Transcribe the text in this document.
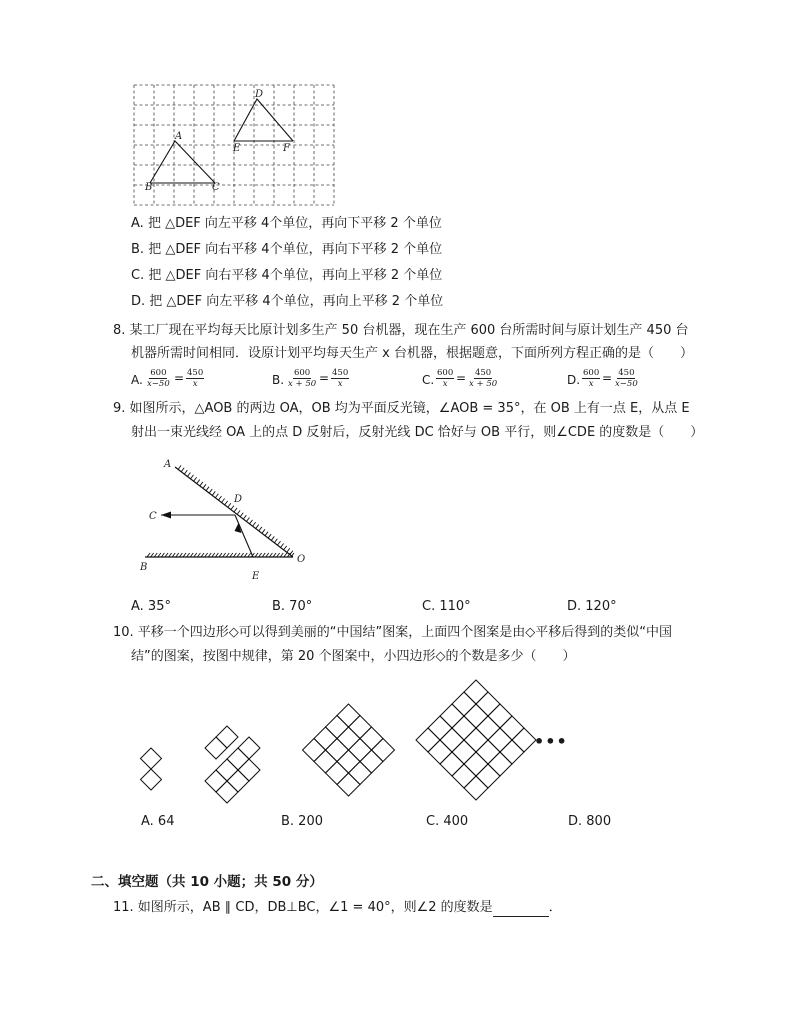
A
B	C
D
E	F
A. 把 △DEF 向左平移 4个单位，再向下平移 2 个单位
B. 把 △DEF 向右平移 4个单位，再向下平移 2 个单位
C. 把 △DEF 向右平移 4个单位，再向上平移 2 个单位
D. 把 △DEF 向左平移 4个单位，再向上平移 2 个单位
8. 某工厂现在平均每天比原计划多生产 50 台机器，现在生产 600 台所需时间与原计划生产 450 台
机器所需时间相同．设原计划平均每天生产 x 台机器，根据题意，下面所列方程正确的是（　　）
A. $\frac{600}{x-50} = \frac{450}{x}$	B. $\frac{600}{x + 50} = \frac{450}{x}$	C. $\frac{600}{x} = \frac{450}{x + 50}$	D. $\frac{600}{x} = \frac{450}{x-50}$
9. 如图所示，△AOB 的两边 OA，OB 均为平面反光镜，∠AOB = 35°，在 OB 上有一点 E，从点 E
射出一束光线经 OA 上的点 D 反射后，反射光线 DC 恰好与 OB 平行，则∠CDE 的度数是（　　）
A
B
C
D
E
O
A. 35°	B. 70°	C. 110°	D. 120°
10. 平移一个四边形◇可以得到美丽的“中国结”图案，上面四个图案是由◇平移后得到的类似“中国
结”的图案，按图中规律，第 20 个图案中，小四边形◇的个数是多少（　　）
•••
A. 64	B. 200	C. 400	D. 800
二、填空题（共 10 小题；共 50 分）
11. 如图所示，AB ∥ CD，DB⊥BC，∠1 = 40°，则∠2 的度数是	．
